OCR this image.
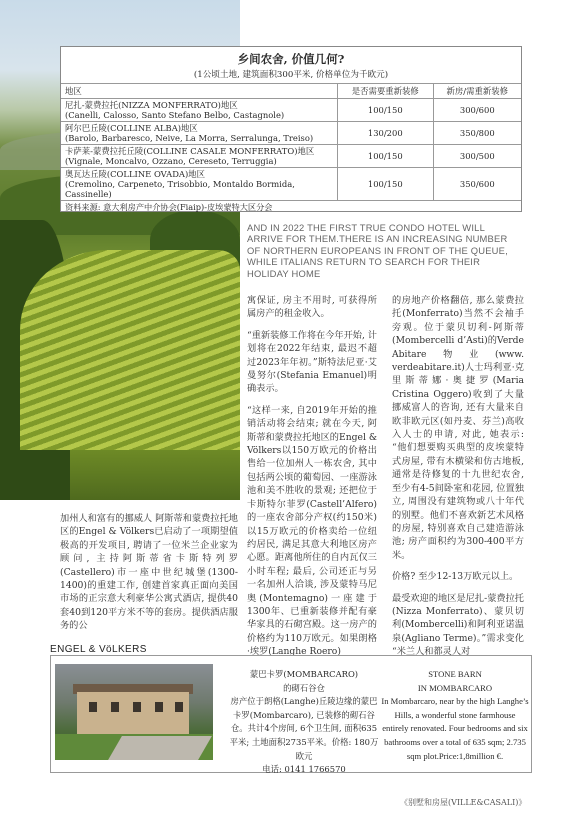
乡间农舍, 价值几何?
(1公顷土地, 建筑面积300平米, 价格单位为千欧元)
地区	是否需要重新装修	新房/需重新装修
尼扎-蒙费拉托(NIZZA MONFERRATO)地区
(Canelli, Calosso, Santo Stefano Belbo, Castagnole)	100/150	300/600
阿尔巴丘陵(COLLINE ALBA)地区
(Barolo, Barbaresco, Neive, La Morra, Serralunga, Treiso)	130/200	350/800
卡萨莱-蒙费拉托丘陵(COLLINE CASALE MONFERRATO)地区
(Vignale, Moncalvo, Ozzano, Cereseto, Terruggia)	100/150	300/500
奥瓦达丘陵(COLLINE OVADA)地区
(Cremolino, Carpeneto, Trisobbio, Montaldo Bormida, Cassinelle)	100/150	350/600
资料来源: 意大利房产中介协会(Fiaip)-皮埃蒙特大区分会
AND IN 2022 THE FIRST TRUE CONDO HOTEL WILL ARRIVE FOR THEM.THERE IS AN INCREASING NUMBER OF NORTHERN EUROPEANS IN FRONT OF THE QUEUE, WHILE ITALIANS RETURN TO SEARCH FOR THEIR HOLIDAY HOME

加州人和富有的挪威人 阿斯蒂和蒙费拉托地区的Engel & Völkers已启动了一项期望值极高的开发项目, 聘请了一位米兰企业家为顾问, 主持阿斯蒂省卡斯特列罗(Castellero)市一座中世纪城堡(1300-1400)的重建工作, 创建首家真正面向美国市场的正宗意大利豪华公寓式酒店, 提供40套40到120平方米不等的套房。提供酒店服务的公

寓保证, 房主不用时, 可获得所属房产的租金收入。

“重新装修工作将在今年开始, 计划将在2022年结束, 最迟不超过2023年年初。”斯特法尼亚·艾曼努尔(Stefania Emanuel)明确表示。

“这样一来, 自2019年开始的推销活动将会结束; 就在今天, 阿斯蒂和蒙费拉托地区的Engel & Völkers以150万欧元的价格出售给一位加州人一栋农舍, 其中包括两公顷的葡萄园、一座游泳池和美不胜收的景观; 还把位于卡斯特尔菲罗(Castell’Alfero)的一座农舍部分产权(约150米)以15万欧元的价格卖给一位纽约居民, 满足其意大利地区房产心愿。距离他所住的自内瓦仅三小时车程; 最后, 公司还正与另一名加州人洽谈, 涉及蒙特马尼奥(Montemagno)一座建于1300年、已重新装修并配有豪华家具的石砌宫殿。这一房产的价格约为110万欧元。如果朗格·埃罗(Langhe Roero)

的房地产价格翻倍, 那么蒙费拉托(Monferrato)当然不会袖手旁观。位于蒙贝切利-阿斯蒂(Mombercelli d’Asti)的Verde Abitare物业(www. verdeabitare.it)人士玛利亚·克里斯蒂娜·奥捷罗(Maria Cristina Oggero)收到了大量挪威富人的咨询, 还有大量来自欧非欧元区(如丹麦、芬兰)高收入人士的申请, 对此, 她表示: “他们想要购买典型的皮埃蒙特式房屋, 带有木横梁和仿古地板, 通常是待修复的十九世纪农舍, 至少有4-5间卧室和花园, 位置独立, 周围没有建筑物或八十年代的别墅。他们不喜欢新艺术风格的房屋, 特别喜欢自己建造游泳池; 房产面积约为300-400平方米。

价格? 至少12-13万欧元以上。

最受欢迎的地区是尼扎-蒙费拉托(Nizza Monferrato)、蒙贝切利(Mombercelli)和阿利亚诺温泉(Agliano Terme)。”需求变化 “米兰人和都灵人对

ENGEL & VöLKERS
蒙巴卡罗(MOMBARCARO)
的砌石谷仓
房产位于朗格(Langhe)丘陵边缘的蒙巴卡罗(Mombarcaro), 已装修的砌石谷仓。共计4个房间, 6个卫生间, 面积635平米; 土地面积2735平米。价格: 180万欧元
电话: 0141 1766570
STONE BARN
IN MOMBARCARO
In Mombarcaro, near by the high Langhe’s Hills, a wonderful stone farmhouse entirely renovated. Four bedrooms and six bathrooms over a total of 635 sqm; 2.735 sqm plot.Price:1,8million €.
《别墅和房屋(VILLE&CASALI)》
